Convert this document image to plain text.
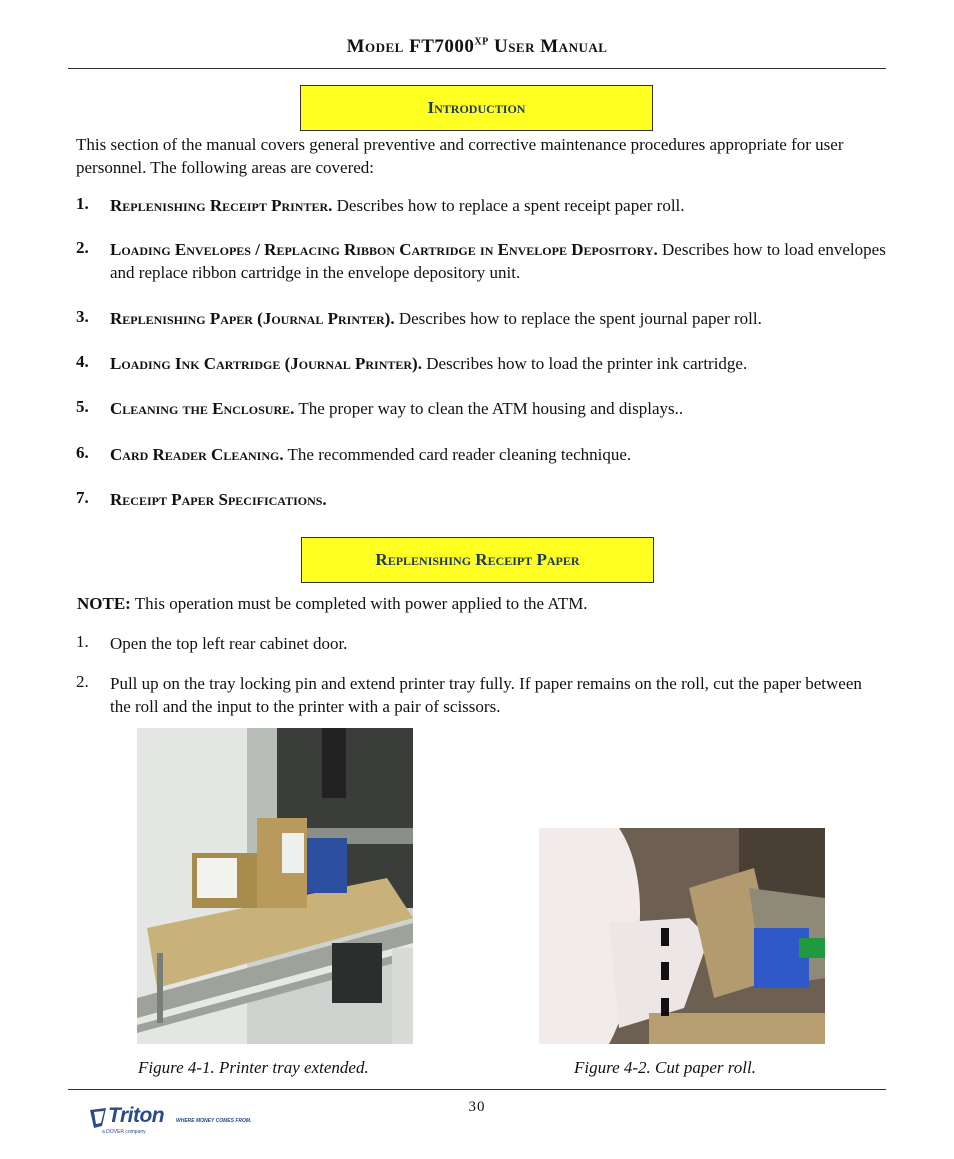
Model $FT7000^{XP}$ User Manual
Introduction
This section of the manual covers general preventive and corrective maintenance procedures appropriate for user personnel. The following areas are covered:
1. Replenishing Receipt Printer. Describes how to replace a spent receipt paper roll.
2. Loading Envelopes / Replacing Ribbon Cartridge in Envelope Depository. Describes how to load envelopes and replace ribbon cartridge in the envelope depository unit.
3. Replenishing Paper (Journal Printer). Describes how to replace the spent journal paper roll.
4. Loading Ink Cartridge (Journal Printer). Describes how to load the printer ink cartridge.
5. Cleaning the Enclosure. The proper way to clean the ATM housing and displays..
6. Card Reader Cleaning. The recommended card reader cleaning technique.
7. Receipt Paper Specifications.
Replenishing Receipt Paper
NOTE: This operation must be completed with power applied to the ATM.
1. Open the top left rear cabinet door.
2. Pull up on the tray locking pin and extend printer tray fully. If paper remains on the roll, cut the paper between the roll and the input to the printer with a pair of scissors.
Figure 4-1. Printer tray extended.	Figure 4-2. Cut paper roll.
30
Triton WHERE MONEY COMES FROM.
a DOVER company
